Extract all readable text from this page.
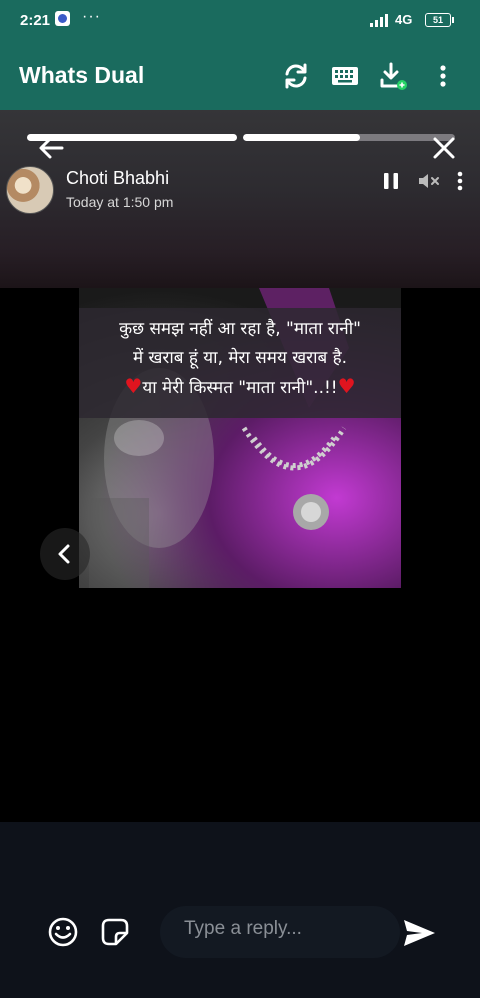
2:21 ···	4G	51
Whats Dual
Choti Bhabhi
Today at 1:50 pm
कुछ समझ नहीं आ रहा है, "माता रानी"
में खराब हूं या, मेरा समय खराब है.
♥या मेरी किस्मत "माता रानी"..!!♥
Type a reply...
